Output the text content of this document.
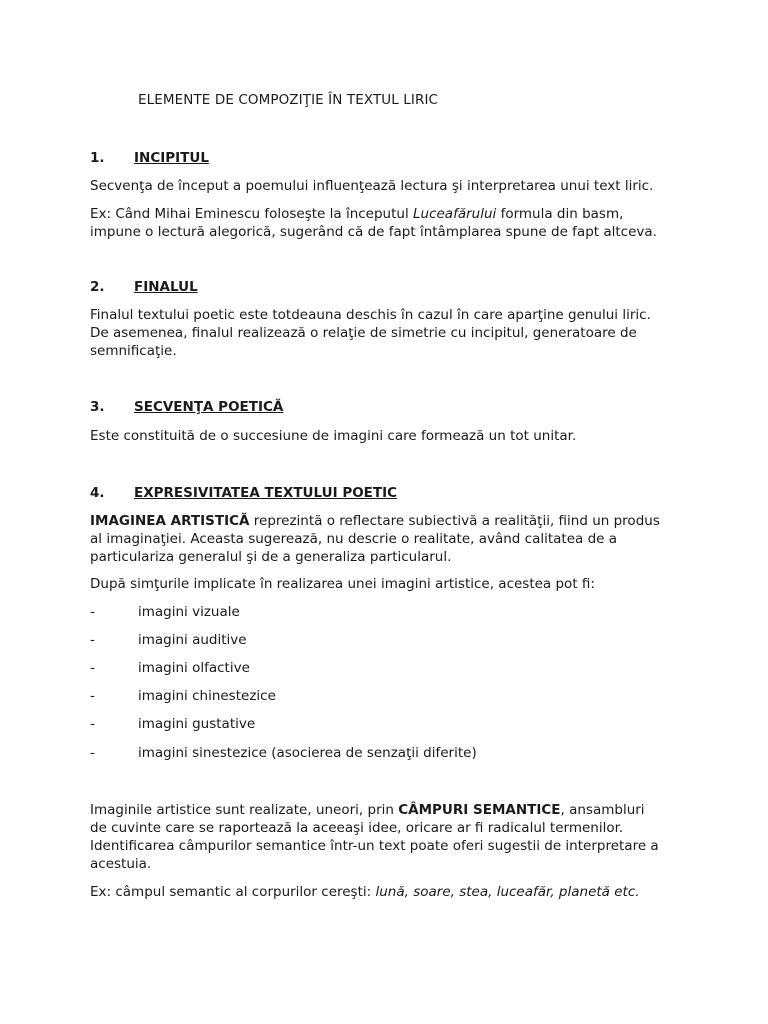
ELEMENTE DE COMPOZIŢIE ÎN TEXTUL LIRIC
1. INCIPITUL

Secvenţa de început a poemului influenţează lectura şi interpretarea unui text liric.

Ex: Când Mihai Eminescu foloseşte la începutul Luceafărului formula din basm,
impune o lectură alegorică, sugerând că de fapt întâmplarea spune de fapt altceva.

2. FINALUL

Finalul textului poetic este totdeauna deschis în cazul în care aparţine genului liric.
De asemenea, finalul realizează o relaţie de simetrie cu incipitul, generatoare de
semnificaţie.

3. SECVENŢA POETICĂ

Este constituită de o succesiune de imagini care formează un tot unitar.

4. EXPRESIVITATEA TEXTULUI POETIC

IMAGINEA ARTISTICĂ reprezintă o reflectare subiectivă a realităţii, fiind un produs
al imaginaţiei. Aceasta sugerează, nu descrie o realitate, având calitatea de a
particulariza generalul şi de a generaliza particularul.

După simţurile implicate în realizarea unei imagini artistice, acestea pot fi:

-	imagini vizuale
-	imagini auditive
-	imagini olfactive
-	imagini chinestezice
-	imagini gustative
-	imagini sinestezice (asocierea de senzaţii diferite)

Imaginile artistice sunt realizate, uneori, prin CÂMPURI SEMANTICE, ansambluri
de cuvinte care se raportează la aceeaşi idee, oricare ar fi radicalul termenilor.
Identificarea câmpurilor semantice într-un text poate oferi sugestii de interpretare a
acestuia.

Ex: câmpul semantic al corpurilor cereşti: lună, soare, stea, luceafăr, planetă etc.
